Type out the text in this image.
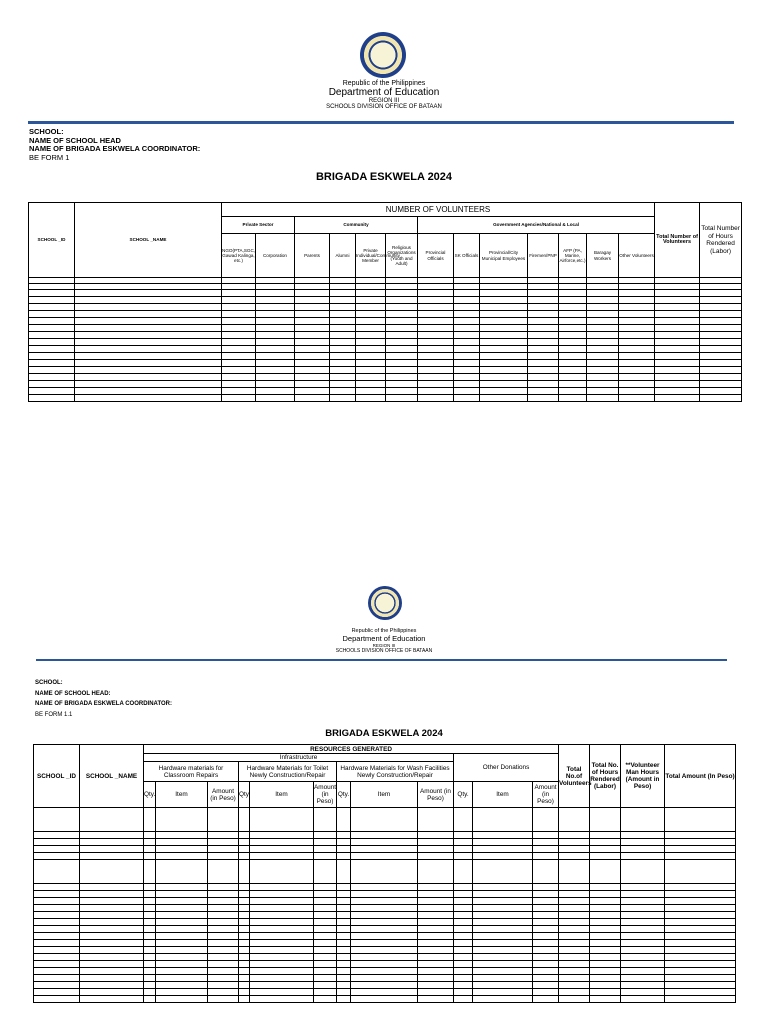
Republic of the Philippines
Department of Education
REGION III
SCHOOLS DIVISION OFFICE OF BATAAN
SCHOOL:
NAME OF SCHOOL HEAD
NAME OF BRIGADA ESKWELA COORDINATOR:
BE FORM 1
BRIGADA ESKWELA 2024
SCHOOL _ID	SCHOOL _NAME	NUMBER OF VOLUNTEERS													Total Number of Volunteers	Total Number of Hours Rendered (Labor)
		Private Sector		Community				Government Agencies/National & Local								
		NGO(PTA,SGC, Gawad Kalinga, etc.)	Corporation	Parents	Alumni	Private Individual/Community Member	Religious Organizations (Youth and Adult)	Provincial Officials	SK Officials	Provincial/City Municipal Employees	Firemen/PNP	AFP (PA, Marine, Airforce,etc.)	Baragay Workers	Other Volunteers		

Republic of the Philippines
Department of Education
REGION III
SCHOOLS DIVISION OFFICE OF BATAAN
SCHOOL:
NAME OF SCHOOL HEAD:
NAME OF BRIGADA ESKWELA COORDINATOR:
BE FORM 1.1
BRIGADA ESKWELA 2024
SCHOOL _ID	SCHOOL _NAME	RESOURCES GENERATED												Total No.of Volunteers	Total No. of Hours Rendered (Labor)	**Volunteer Man Hours (Amount in Peso)	Total Amount (In Peso)
		Infrastructure									Other Donations						
		Hardware materials for Classroom Repairs			Hardware Materials for Toilet Newly Construction/Repair			Hardware Materials for Wash Facilities Newly Construction/Repair									
		Qty.	Item	Amount (in Peso)	Qty.	Item	Amount (in Peso)	Qty.	Item	Amount (in Peso)	Qty.	Item	Amount (in Peso)				
